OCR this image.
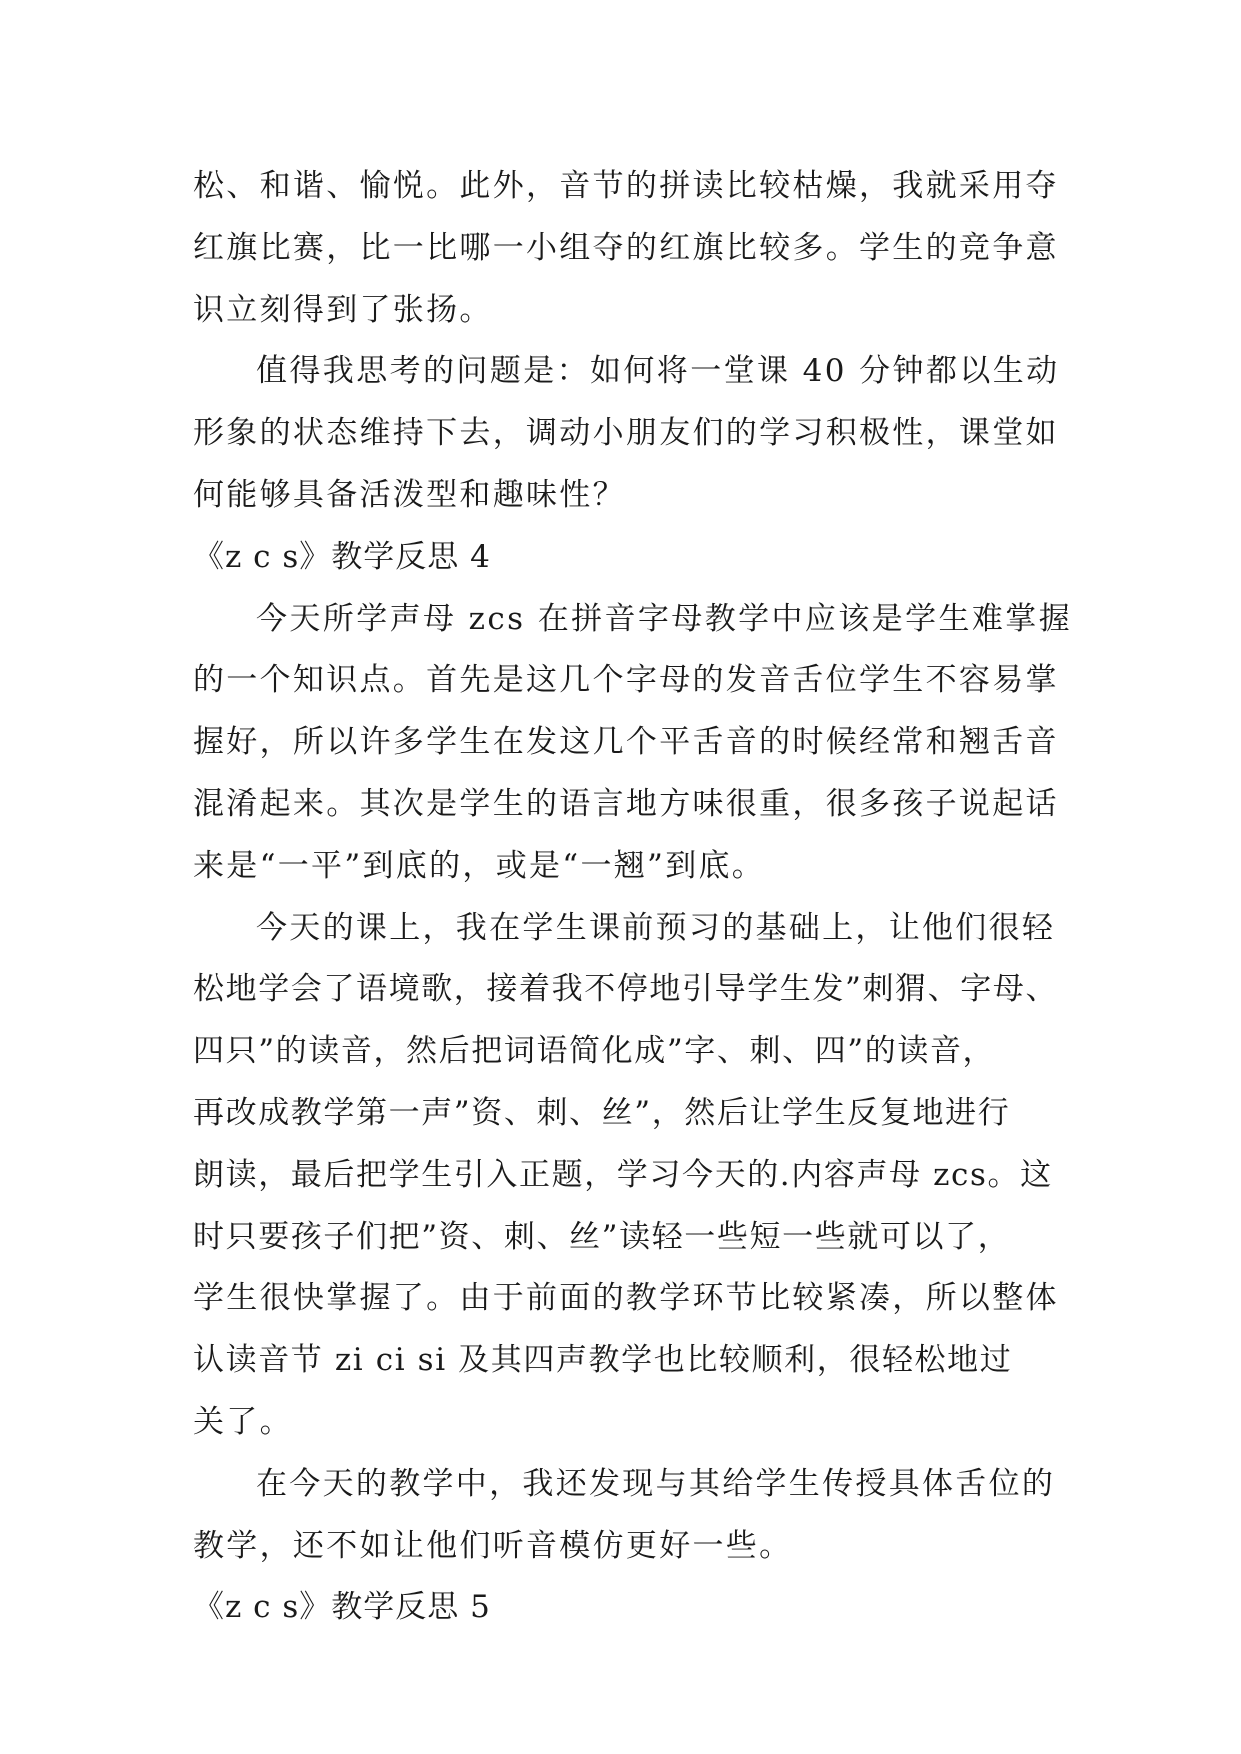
松、和谐、愉悦。此外，音节的拼读比较枯燥，我就采用夺
红旗比赛，比一比哪一小组夺的红旗比较多。学生的竞争意
识立刻得到了张扬。
值得我思考的问题是：如何将一堂课 40 分钟都以生动
形象的状态维持下去，调动小朋友们的学习积极性，课堂如
何能够具备活泼型和趣味性？
《z c s》教学反思 4
今天所学声母 zcs 在拼音字母教学中应该是学生难掌握
的一个知识点。首先是这几个字母的发音舌位学生不容易掌
握好，所以许多学生在发这几个平舌音的时候经常和翘舌音
混淆起来。其次是学生的语言地方味很重，很多孩子说起话
来是“一平”到底的，或是“一翘”到底。
今天的课上，我在学生课前预习的基础上，让他们很轻
松地学会了语境歌，接着我不停地引导学生发”刺猬、字母、
四只”的读音，然后把词语简化成”字、刺、四”的读音，
再改成教学第一声”资、刺、丝”，然后让学生反复地进行
朗读，最后把学生引入正题，学习今天的.内容声母 zcs。这
时只要孩子们把”资、刺、丝”读轻一些短一些就可以了，
学生很快掌握了。由于前面的教学环节比较紧凑，所以整体
认读音节 zi ci si 及其四声教学也比较顺利，很轻松地过
关了。
在今天的教学中，我还发现与其给学生传授具体舌位的
教学，还不如让他们听音模仿更好一些。
《z c s》教学反思 5
